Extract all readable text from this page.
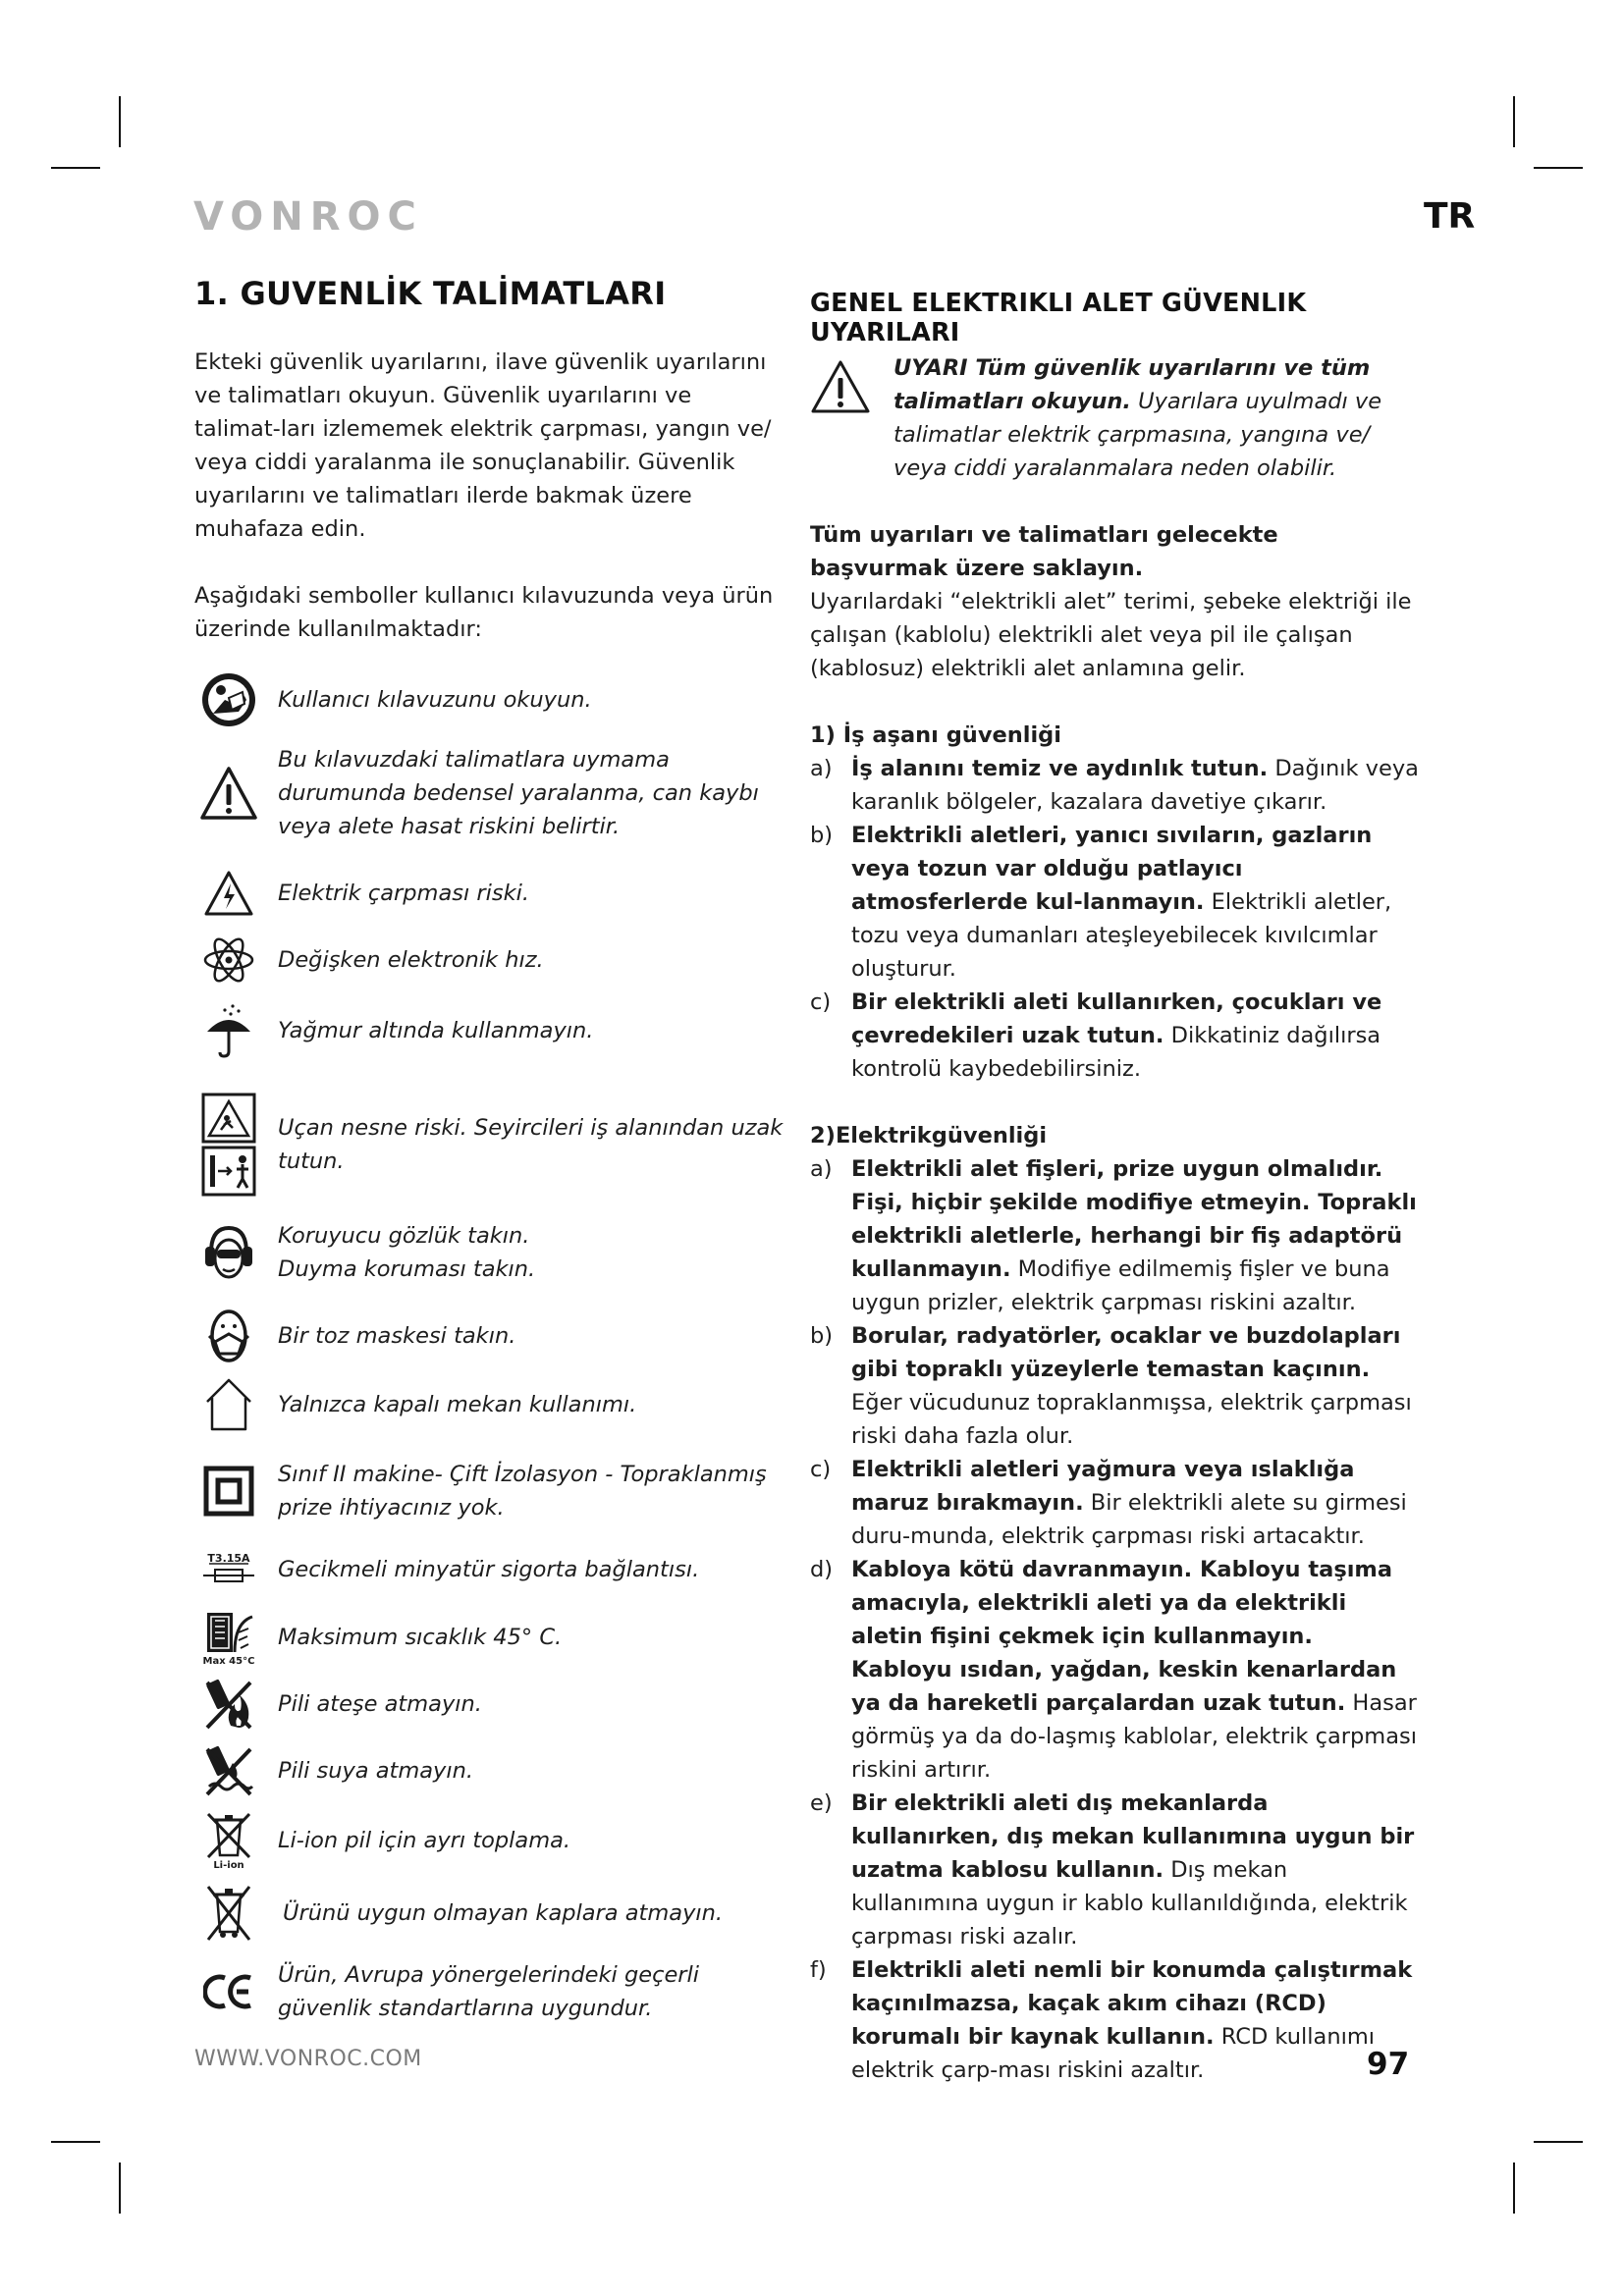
VONROC	TR
1. GUVENLİK TALİMATLARI

Ekteki güvenlik uyarılarını, ilave güvenlik uyarılarını ve talimatları okuyun. Güvenlik uyarılarını ve talimat-ları izlememek elektrik çarpması, yangın ve/ veya ciddi yaralanma ile sonuçlanabilir. Güvenlik uyarılarını ve talimatları ilerde bakmak üzere muhafaza edin.

Aşağıdaki semboller kullanıcı kılavuzunda veya ürün üzerinde kullanılmaktadır:

Kullanıcı kılavuzunu okuyun.
Bu kılavuzdaki talimatlara uymama durumunda bedensel yaralanma, can kaybı veya alete hasat riskini belirtir.
Elektrik çarpması riski.
Değişken elektronik hız.
Yağmur altında kullanmayın.
Uçan nesne riski. Seyircileri iş alanından uzak tutun.
Koruyucu gözlük takın.
Duyma koruması takın.
Bir toz maskesi takın.
Yalnızca kapalı mekan kullanımı.
Sınıf II makine- Çift İzolasyon - Topraklanmış prize ihtiyacınız yok.
T3.15A Gecikmeli minyatür sigorta bağlantısı.
Max 45°C
Maksimum sıcaklık 45° C.
Pili ateşe atmayın.
Pili suya atmayın.
Li-ion
Li-ion pil için ayrı toplama.
Ürünü uygun olmayan kaplara atmayın.
Ürün, Avrupa yönergelerindeki geçerli güvenlik standartlarına uygundur.
GENEL ELEKTRIKLI ALET GÜVENLIK UYARILARI
UYARI Tüm güvenlik uyarılarını ve tüm talimatları okuyun. Uyarılara uyulmadı ve talimatlar elektrik çarpmasına, yangına ve/ veya ciddi yaralanmalara neden olabilir.

Tüm uyarıları ve talimatları gelecekte başvurmak üzere saklayın.

Uyarılardaki “elektrikli alet” terimi, şebeke elektriği ile çalışan (kablolu) elektrikli alet veya pil ile çalışan (kablosuz) elektrikli alet anlamına gelir.

1) İş aşanı güvenliği

a) İş alanını temiz ve aydınlık tutun. Dağınık veya karanlık bölgeler, kazalara davetiye çıkarır.
b) Elektrikli aletleri, yanıcı sıvıların, gazların veya tozun var olduğu patlayıcı atmosferlerde kul-lanmayın. Elektrikli aletler, tozu veya dumanları ateşleyebilecek kıvılcımlar oluşturur.
c) Bir elektrikli aleti kullanırken, çocukları ve çevredekileri uzak tutun. Dikkatiniz dağılırsa kontrolü kaybedebilirsiniz.

2)Elektrikgüvenliği

a) Elektrikli alet fişleri, prize uygun olmalıdır. Fişi, hiçbir şekilde modifiye etmeyin. Topraklı elektrikli aletlerle, herhangi bir fiş adaptörü kullanmayın. Modifiye edilmemiş fişler ve buna uygun prizler, elektrik çarpması riskini azaltır.
b) Borular, radyatörler, ocaklar ve buzdolapları gibi topraklı yüzeylerle temastan kaçının. Eğer vücudunuz topraklanmışsa, elektrik çarpması riski daha fazla olur.
c) Elektrikli aletleri yağmura veya ıslaklığa maruz bırakmayın. Bir elektrikli alete su girmesi duru-munda, elektrik çarpması riski artacaktır.
d) Kabloya kötü davranmayın. Kabloyu taşıma amacıyla, elektrikli aleti ya da elektrikli aletin fişini çekmek için kullanmayın. Kabloyu ısıdan, yağdan, keskin kenarlardan ya da hareketli parçalardan uzak tutun. Hasar görmüş ya da do-laşmış kablolar, elektrik çarpması riskini artırır.
e) Bir elektrikli aleti dış mekanlarda kullanırken, dış mekan kullanımına uygun bir uzatma kablosu kullanın. Dış mekan kullanımına uygun ir kablo kullanıldığında, elektrik çarpması riski azalır.
f)	Elektrikli aleti nemli bir konumda çalıştırmak kaçınılmazsa, kaçak akım cihazı (RCD) korumalı bir kaynak kullanın. RCD kullanımı elektrik çarp-ması riskini azaltır.
WWW.VONROC.COM	97
